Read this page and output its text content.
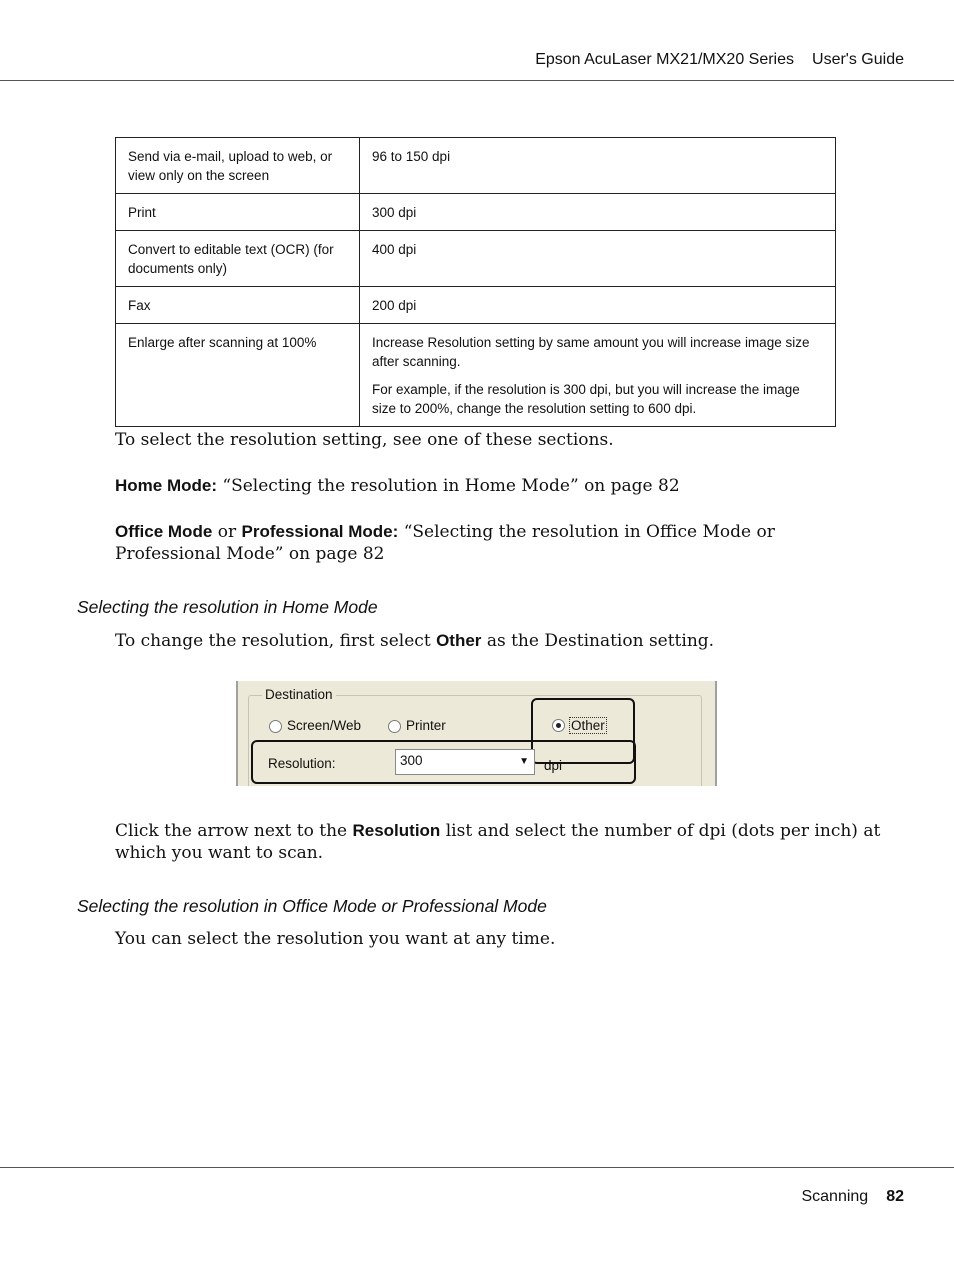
Epson AcuLaser MX21/MX20 Series User's Guide
Send via e-mail, upload to web, or view only on the screen	96 to 150 dpi

Print	300 dpi

Convert to editable text (OCR) (for documents only)	400 dpi

Fax	200 dpi

Enlarge after scanning at 100%	Increase Resolution setting by same amount you will increase image size after scanning.

For example, if the resolution is 300 dpi, but you will increase the image size to 200%, change the resolution setting to 600 dpi.

To select the resolution setting, see one of these sections.
Home Mode: “Selecting the resolution in Home Mode” on page 82
Office Mode or Professional Mode: “Selecting the resolution in Office Mode or Professional Mode” on page 82
Selecting the resolution in Home Mode
To change the resolution, first select Other as the Destination setting.
Destination
Screen/Web	Printer	Other
Resolution:	300	▼ dpi
Click the arrow next to the Resolution list and select the number of dpi (dots per inch) at which you want to scan.
Selecting the resolution in Office Mode or Professional Mode
You can select the resolution you want at any time.
Scanning 82
